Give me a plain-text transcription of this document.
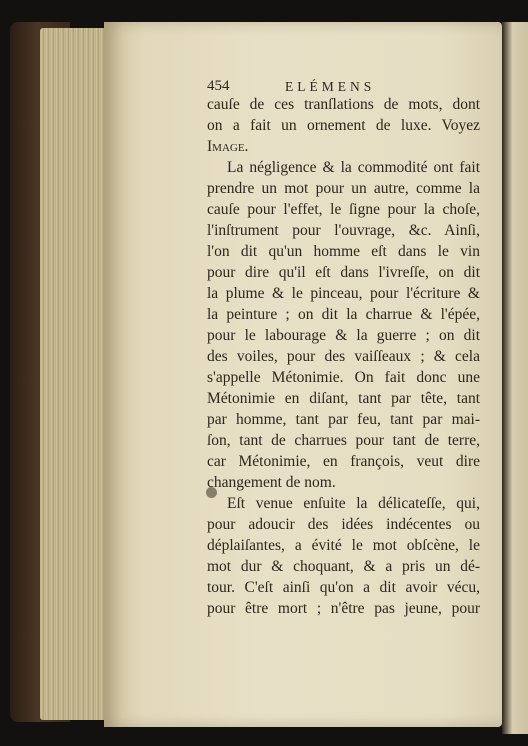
454	ELÉMENS
cauſe de ces tranſlations de mots, dont
on a fait un ornement de luxe. Voyez
Image.
La négligence & la commodité ont fait
prendre un mot pour un autre, comme la
cauſe pour l'effet, le ſigne pour la choſe,
l'inſtrument pour l'ouvrage, &c. Ainſi,
l'on dit qu'un homme eſt dans le vin
pour dire qu'il eſt dans l'ivreſſe, on dit
la plume & le pinceau, pour l'écriture &
la peinture ; on dit la charrue & l'épée,
pour le labourage & la guerre ; on dit
des voiles, pour des vaiſſeaux ; & cela
s'appelle Métonimie. On fait donc une
Métonimie en diſant, tant par tête, tant
par homme, tant par feu, tant par mai-
ſon, tant de charrues pour tant de terre,
car Métonimie, en françois, veut dire
changement de nom.
Eſt venue enſuite la délicateſſe, qui,
pour adoucir des idées indécentes ou
déplaiſantes, a évité le mot obſcène, le
mot dur & choquant, & a pris un dé-
tour. C'eſt ainſi qu'on a dit avoir vécu,
pour être mort ; n'être pas jeune, pour
